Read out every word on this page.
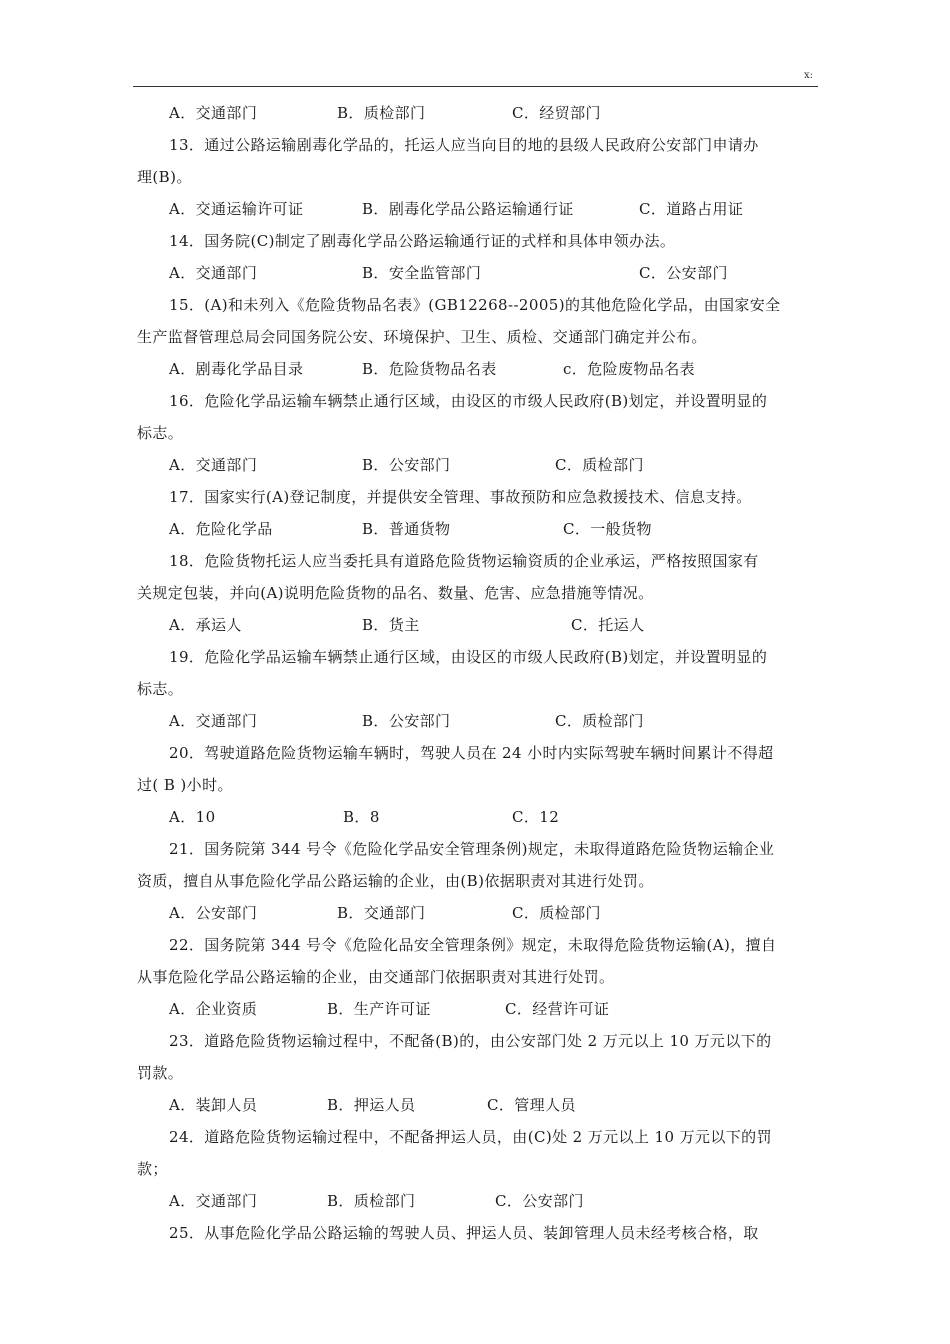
x:
A．交通部门	B．质检部门	C．经贸部门
13．通过公路运输剧毒化学品的，托运人应当向目的地的县级人民政府公安部门申请办
理(B)。
A．交通运输许可证	B．剧毒化学品公路运输通行证	C．道路占用证
14．国务院(C)制定了剧毒化学品公路运输通行证的式样和具体申领办法。
A．交通部门	B．安全监管部门	C．公安部门
15．(A)和未列入《危险货物品名表》(GB12268--2005)的其他危险化学品，由国家安全
生产监督管理总局会同国务院公安、环境保护、卫生、质检、交通部门确定并公布。
A．剧毒化学品目录	B．危险货物品名表	c．危险废物品名表
16．危险化学品运输车辆禁止通行区域，由设区的市级人民政府(B)划定，并设置明显的
标志。
A．交通部门	B．公安部门	C．质检部门
17．国家实行(A)登记制度，并提供安全管理、事故预防和应急救援技术、信息支持。
A．危险化学品	B．普通货物	C．一般货物
18．危险货物托运人应当委托具有道路危险货物运输资质的企业承运，严格按照国家有
关规定包装，并向(A)说明危险货物的品名、数量、危害、应急措施等情况。
A．承运人	B．货主	C．托运人
19．危险化学品运输车辆禁止通行区域，由设区的市级人民政府(B)划定，并设置明显的
标志。
A．交通部门	B．公安部门	C．质检部门
20．驾驶道路危险货物运输车辆时，驾驶人员在 24 小时内实际驾驶车辆时间累计不得超
过( B )小时。
A．10	B．8	C．12
21．国务院第 344 号令《危险化学品安全管理条例)规定，未取得道路危险货物运输企业
资质，擅自从事危险化学品公路运输的企业，由(B)依据职责对其进行处罚。
A．公安部门	B．交通部门	C．质检部门
22．国务院第 344 号令《危险化品安全管理条例》规定，未取得危险货物运输(A)，擅自
从事危险化学品公路运输的企业，由交通部门依据职责对其进行处罚。
A．企业资质	B．生产许可证	C．经营许可证
23．道路危险货物运输过程中，不配备(B)的，由公安部门处 2 万元以上 10 万元以下的
罚款。
A．装卸人员	B．押运人员	C．管理人员
24．道路危险货物运输过程中，不配备押运人员，由(C)处 2 万元以上 10 万元以下的罚
款；
A．交通部门	B．质检部门	C．公安部门
25．从事危险化学品公路运输的驾驶人员、押运人员、装卸管理人员未经考核合格，取
